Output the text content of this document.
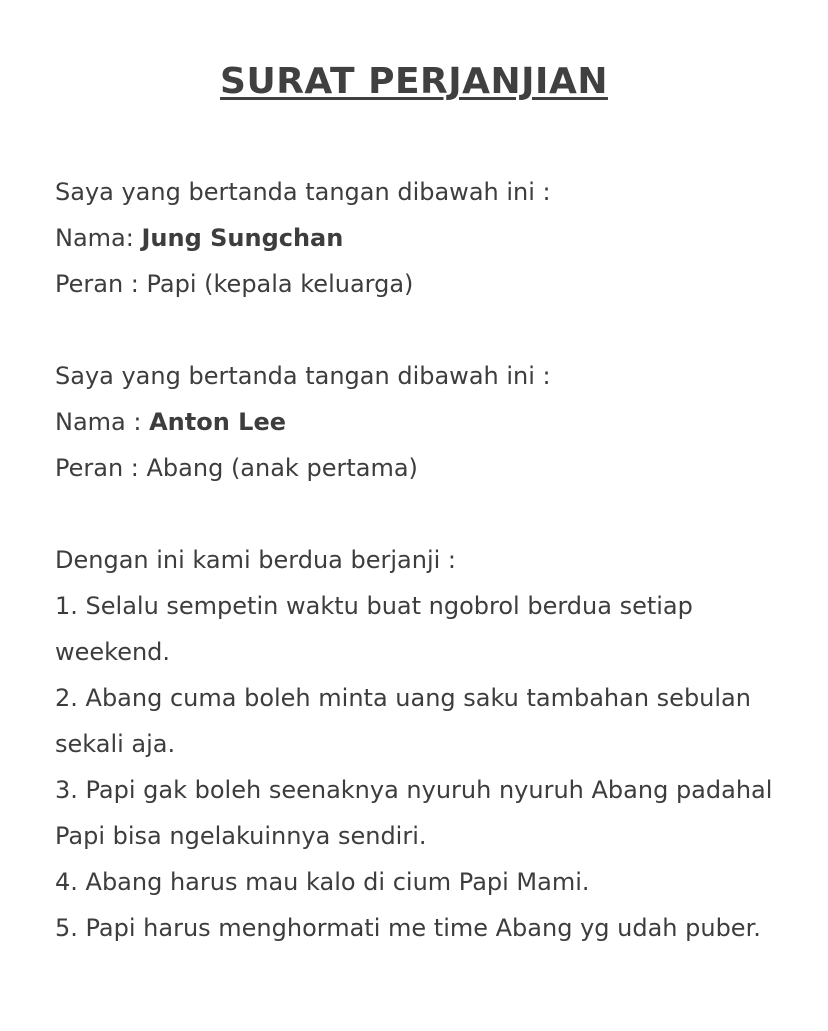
SURAT PERJANJIAN
Saya yang bertanda tangan dibawah ini :
Nama: Jung Sungchan
Peran : Papi (kepala keluarga)
Saya yang bertanda tangan dibawah ini :
Nama : Anton Lee
Peran : Abang (anak pertama)
Dengan ini kami berdua berjanji :
1. Selalu sempetin waktu buat ngobrol berdua setiap weekend.
2. Abang cuma boleh minta uang saku tambahan sebulan sekali aja.
3. Papi gak boleh seenaknya nyuruh nyuruh Abang padahal Papi bisa ngelakuinnya sendiri.
4. Abang harus mau kalo di cium Papi Mami.
5. Papi harus menghormati me time Abang yg udah puber.
